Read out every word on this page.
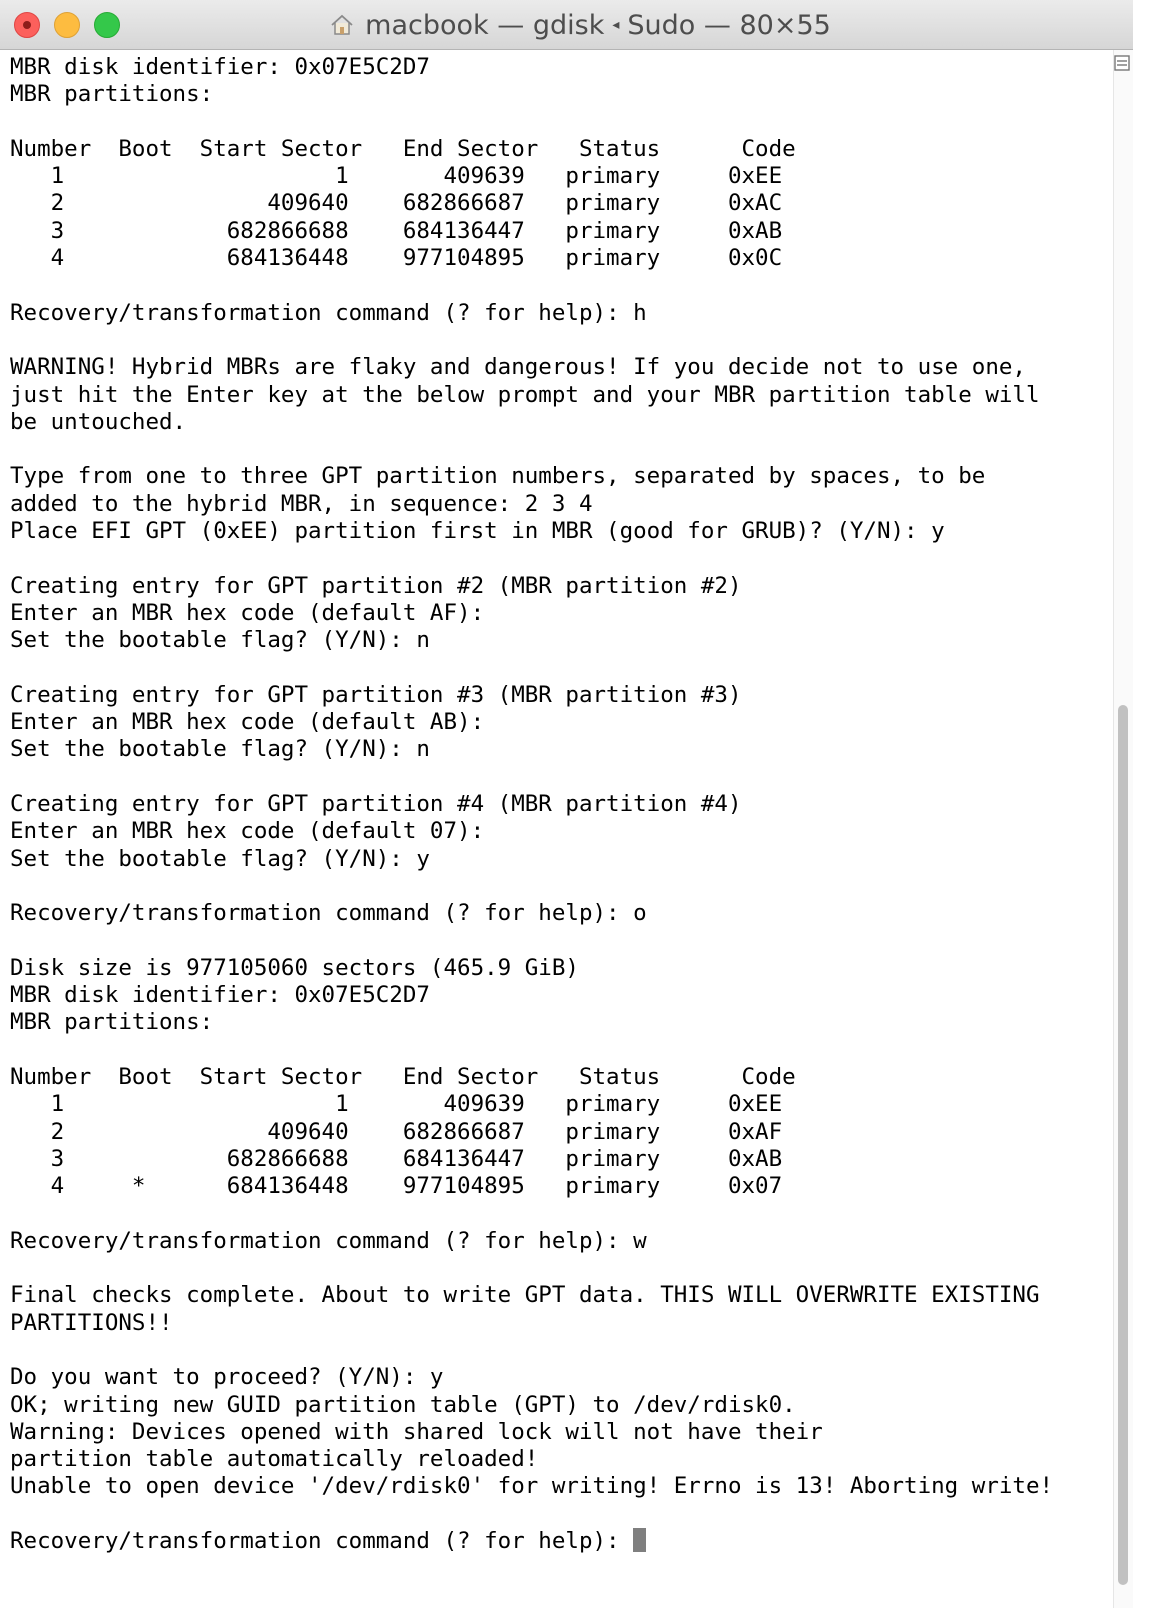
macbook
—
gdisk ◂ Sudo
—
80×55
MBR disk identifier: 0x07E5C2D7
MBR partitions:
Number  Boot  Start Sector   End Sector   Status      Code
1                    1       409639   primary     0xEE
2               409640    682866687   primary     0xAC
3            682866688    684136447   primary     0xAB
4            684136448    977104895   primary     0x0C
Recovery/transformation command (? for help): h
WARNING! Hybrid MBRs are flaky and dangerous! If you decide not to use one,
just hit the Enter key at the below prompt and your MBR partition table will
be untouched.
Type from one to three GPT partition numbers, separated by spaces, to be
added to the hybrid MBR, in sequence: 2 3 4
Place EFI GPT (0xEE) partition first in MBR (good for GRUB)? (Y/N): y
Creating entry for GPT partition #2 (MBR partition #2)
Enter an MBR hex code (default AF):
Set the bootable flag? (Y/N): n
Creating entry for GPT partition #3 (MBR partition #3)
Enter an MBR hex code (default AB):
Set the bootable flag? (Y/N): n
Creating entry for GPT partition #4 (MBR partition #4)
Enter an MBR hex code (default 07):
Set the bootable flag? (Y/N): y
Recovery/transformation command (? for help): o
Disk size is 977105060 sectors (465.9 GiB)
MBR disk identifier: 0x07E5C2D7
MBR partitions:
Number  Boot  Start Sector   End Sector   Status      Code
1                    1       409639   primary     0xEE
2               409640    682866687   primary     0xAF
3            682866688    684136447   primary     0xAB
4     *      684136448    977104895   primary     0x07
Recovery/transformation command (? for help): w
Final checks complete. About to write GPT data. THIS WILL OVERWRITE EXISTING
PARTITIONS!!
Do you want to proceed? (Y/N): y
OK; writing new GUID partition table (GPT) to /dev/rdisk0.
Warning: Devices opened with shared lock will not have their
partition table automatically reloaded!
Unable to open device '/dev/rdisk0' for writing! Errno is 13! Aborting write!
Recovery/transformation command (? for help):
